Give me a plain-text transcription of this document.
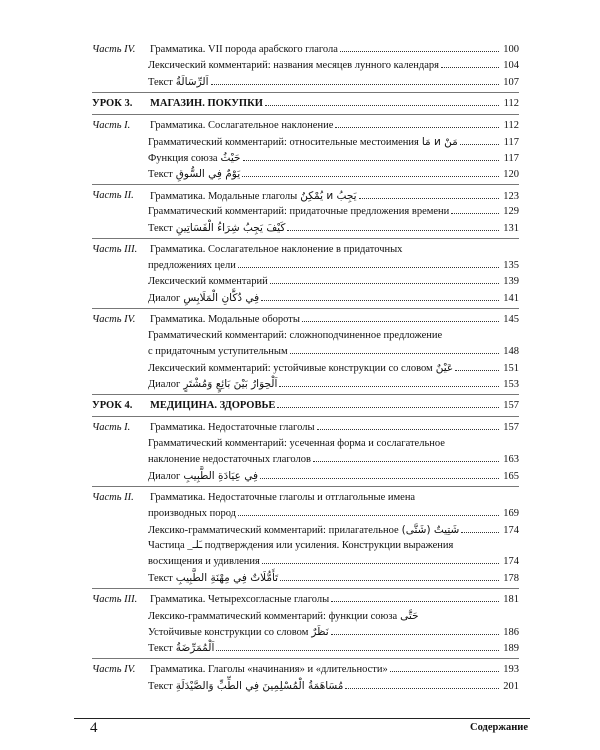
Часть IV.	Грамматика. VII порода арабского глагола	100
Лексический комментарий: названия месяцев лунного календаря	104
Текст اَلرِّسَالَةُ	107
УРОК 3.	МАГАЗИН. ПОКУПКИ	112
Часть I.	Грамматика. Сослагательное наклонение	112
Грамматический комментарий: относительные местоимения مَنْ и مَا	117
Функция союза حَيْثُ	117
Текст يَوْمٌ فِي السُّوقِ	120
Часть II.	Грамматика. Модальные глаголы يَجِبُ и يُمْكِنُ	123
Грамматический комментарий: придаточные предложения времени	129
Текст كَيْفَ يَجِبُ شِرَاءُ الْفَسَاتِينِ	131
Часть III.	Грамматика. Сослагательное наклонение в придаточных
предложениях цели	135
Лексический комментарий	139
Диалог فِي دُكَّانِ الْمَلَابِسِ	141
Часть IV.	Грамматика. Модальные обороты	145
Грамматический комментарий: сложноподчиненное предложение
с придаточным уступительным	148
Лексический комментарий: устойчивые конструкции со словом عَيْنٌ	151
Диалог اَلْحِوَارُ بَيْنَ بَائِعٍ وَمُشْتَرٍ	153
УРОК 4.	МЕДИЦИНА. ЗДОРОВЬЕ	157
Часть I.	Грамматика. Недостаточные глаголы	157
Грамматический комментарий: усеченная форма и сослагательное
наклонение недостаточных глаголов	163
Диалог فِي عِيَادَةِ الطَّبِيبِ	165
Часть II.	Грамматика. Недостаточные глаголы и отглагольные имена
производных пород	169
Лексико-грамматический комментарий: прилагательное شَتِيتٌ (شَتَّى)	174
Частица _ـَلـ подтверждения или усиления. Конструкции выражения
восхищения и удивления	174
Текст تَأَمُّلَاتٌ فِي مِهْنَةِ الطَّبِيبِ	178
Часть III.	Грамматика. Четырехсогласные глаголы	181
Лексико-грамматический комментарий: функции союза حَتَّى
Устойчивые конструкции со словом نَظَرٌ	186
Текст اَلْمُمَرِّضَةُ	189
Часть IV.	Грамматика. Глаголы «начинания» и «длительности»	193
Текст مُسَاهَمَةُ الْمُسْلِمِينَ فِي الطِّبِّ وَالصَّيْدَلَةِ	201
4	Содержание
